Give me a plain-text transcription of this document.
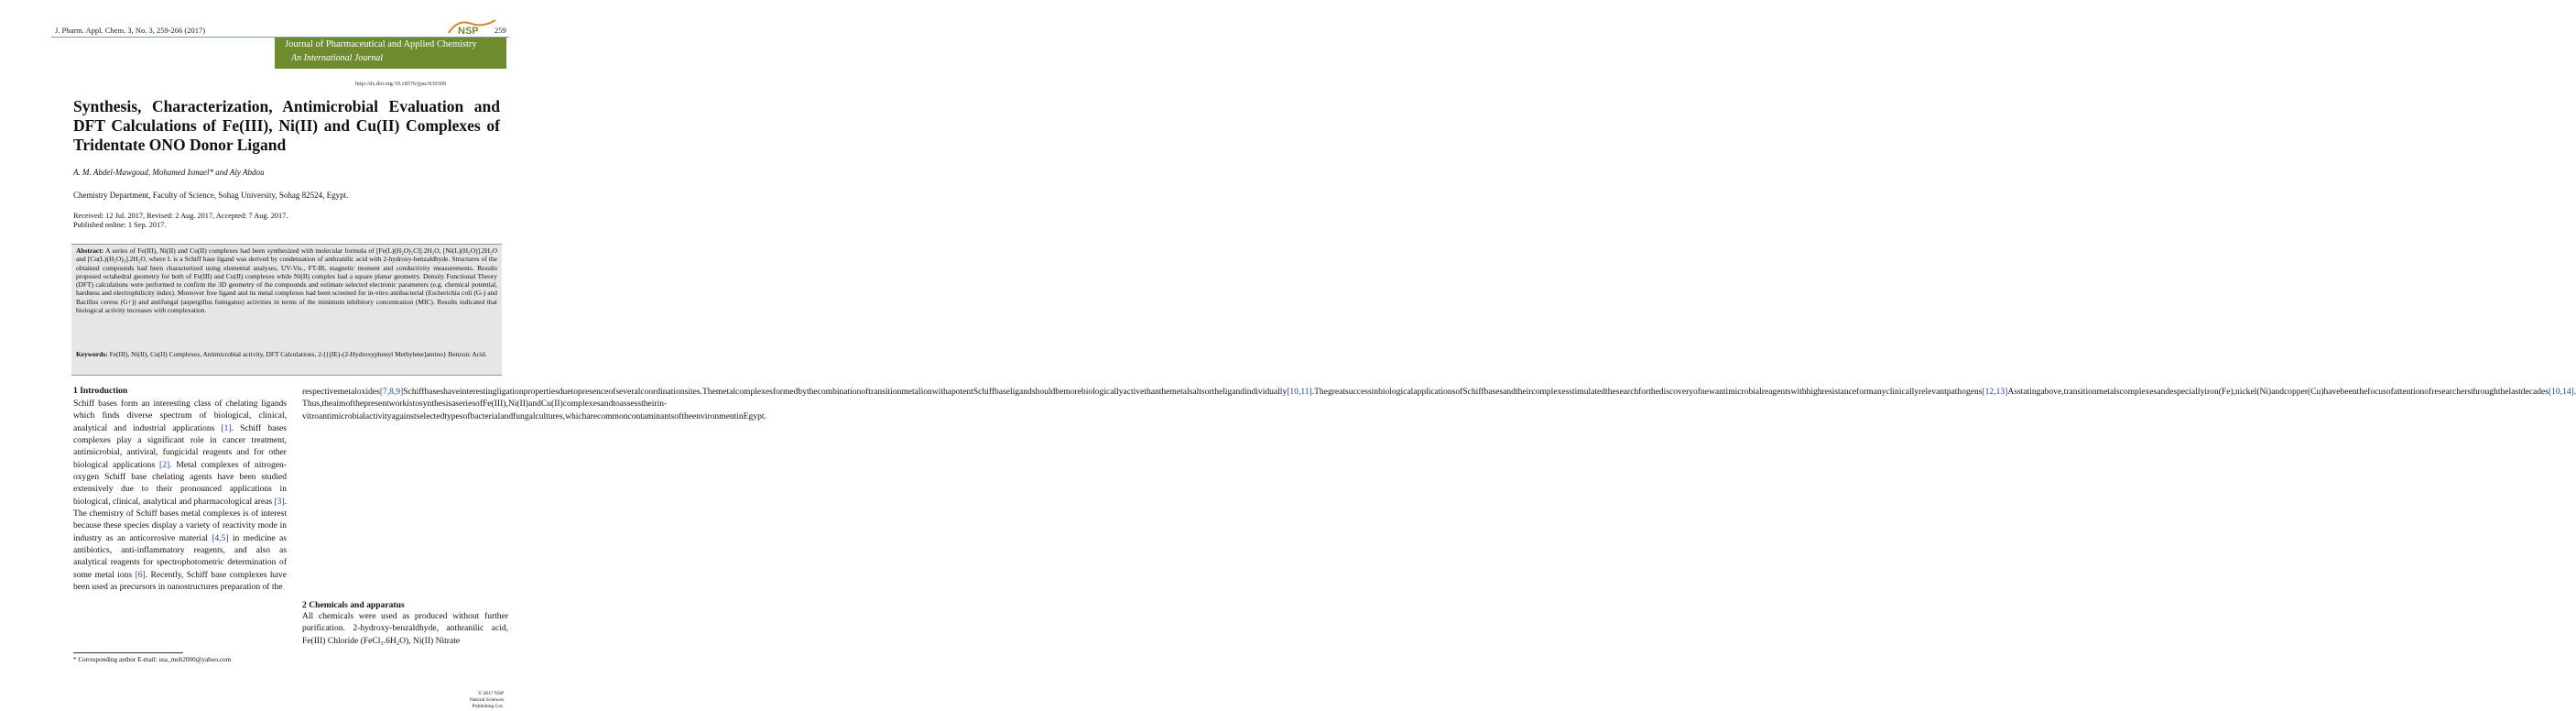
J. Pharm. Appl. Chem. 3, No. 3, 259-266 (2017)	NSP 259
Journal of Pharmaceutical and Applied Chemistry
An International Journal
http://dx.doi.org/10.18576/jpac/030309
Synthesis, Characterization, Antimicrobial Evaluation and DFT Calculations of Fe(III), Ni(II) and Cu(II) Complexes of Tridentate ONO Donor Ligand
A. M. Abdel-Mawgoud, Mohamed Ismael* and Aly Abdou
Chemistry Department, Faculty of Science, Sohag University, Sohag 82524, Egypt.
Received: 12 Jul. 2017, Revised: 2 Aug. 2017, Accepted: 7 Aug. 2017.
Published online: 1 Sep. 2017.
Abstract: A series of Fe(III), Ni(II) and Cu(II) complexes had been synthesized with molecular formula of [Fe(L)(H₂O)₂Cl].2H₂O, [Ni(L)(H₂O)].2H₂O and [Cu(L)(H₂O)₃].2H₂O, where L is a Schiff base ligand was derived by condensation of anthranilic acid with 2-hydroxy-benzaldhyde. Structures of the obtained compounds had been characterized using elemental analyses, UV-Vis., FT-IR, magnetic moment and conductivity measurements. Results proposed octahedral geometry for both of Fe(III) and Cu(II) complexes while Ni(II) complex had a square planar geometry. Density Functional Theory (DFT) calculations were performed to confirm the 3D geometry of the compounds and estimate selected electronic parameters (e.g. chemical potential, hardness and electrophilicity index). Moreover free ligand and its metal complexes had been screened for in-vitro antibacterial (Escherichia coli (G-) and Bacillus cereus (G+)) and antifungal (aspergillus fumigatus) activities in terms of the minimum inhibitory concentration (MIC). Results indicated that biological activity increases with complexation.
Keywords: Fe(III), Ni(II), Cu(II) Complexes, Antimicrobial activity, DFT Calculations, 2-[{(IE)-(2-Hydroxyphenyl Methylene]amino} Benzoic Acid.
1 Introduction
Schiff bases form an interesting class of chelating ligands which finds diverse spectrum of biological, clinical, analytical and industrial applications [1]. Schiff bases complexes play a significant role in cancer treatment, antimicrobial, antiviral, fungicidal reagents and for other biological applications [2]. Metal complexes of nitrogen-oxygen Schiff base chelating agents have been studied extensively due to their pronounced applications in biological, clinical, analytical and pharmacological areas [3]. The chemistry of Schiff bases metal complexes is of interest because these species display a variety of reactivity mode in industry as an anticorrosive material [4,5] in medicine as antibiotics, anti-inflammatory reagents, and also as analytical reagents for spectrophotometric determination of some metal ions [6]. Recently, Schiff base complexes have been used as precursors in nanostructures preparation of the
2 Chemicals and apparatus
All chemicals were used as produced without further purification. 2-hydroxy-benzaldhyde, anthranilic acid, Fe(III) Chloride (FeCl₃.6H₂O), Ni(II) Nitrate
* Corresponding author E-mail: usa_moh2000@yahoo.com
© 2017 NSP
Natural Sciences Publishing Cor.
respectivemetaloxides[7,8,9]Schiffbaseshaveinterestingligationpropertiesduetopresenceofseveralcoordinationsites.ThemetalcomplexesformedbythecombinationoftransitionmetalionwithapotentSchiffbaseligandshouldbemorebiologicallyactivethanthemetalsaltsortheligandindividually[10,11].ThegreatsuccessinbiologicalapplicationsofSchiffbasesandtheircomplexesstimulatedthesearchforthediscoveryofnewantimicrobialreagentswithhighresistanceformanyclinicallyrelevantpathogens[12,13]Asstatingabove,transitionmetalscomplexesandespeciallyiron(Fe),nickel(Ni)andcopper(Cu)havebeenthefocusofattentionofresearchersthroughthelastdecades[10,14].
Thus,theaimofthepresentworkistosynthesisaseriesofFe(III),Ni(II)andCu(II)complexesandtoassesstheirin-vitroantimicrobialactivityagainstselectedtypesofbacterialandfungalcultures,whicharecommoncontaminantsoftheenvironmentinEgypt.
